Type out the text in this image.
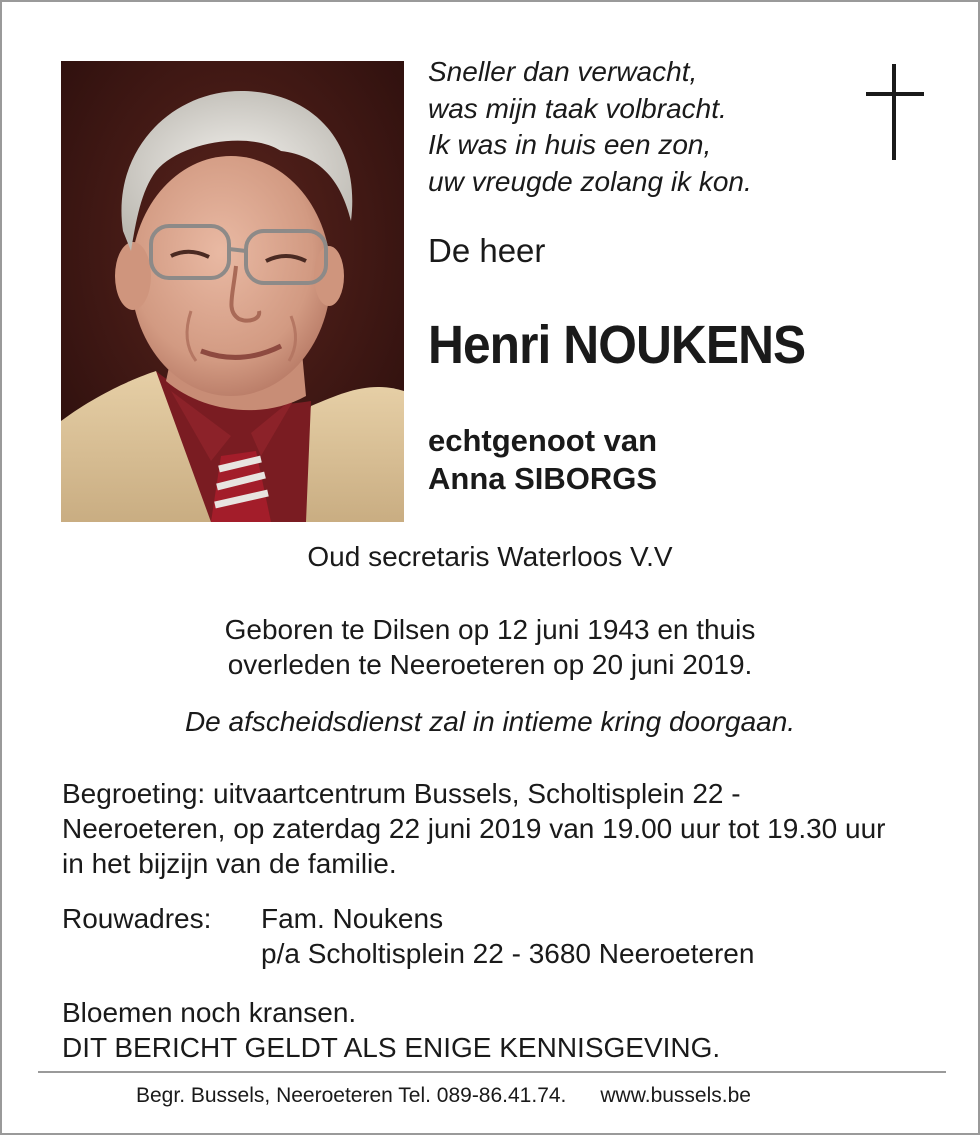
Sneller dan verwacht,
was mijn taak volbracht.
Ik was in huis een zon,
uw vreugde zolang ik kon.
De heer
Henri NOUKENS
echtgenoot van
Anna SIBORGS
Oud secretaris Waterloos V.V
Geboren te Dilsen op 12 juni 1943 en thuis
overleden te Neeroeteren op 20 juni 2019.
De afscheidsdienst zal in intieme kring doorgaan.
Begroeting: uitvaartcentrum Bussels, Scholtisplein 22 - Neeroeteren, op zaterdag 22 juni 2019 van 19.00 uur tot 19.30 uur in het bijzijn van de familie.
Rouwadres: Fam. Noukens
p/a Scholtisplein 22 - 3680 Neeroeteren
Bloemen noch kransen.
DIT BERICHT GELDT ALS ENIGE KENNISGEVING.
Begr. Bussels, Neeroeteren Tel. 089-86.41.74. www.bussels.be
